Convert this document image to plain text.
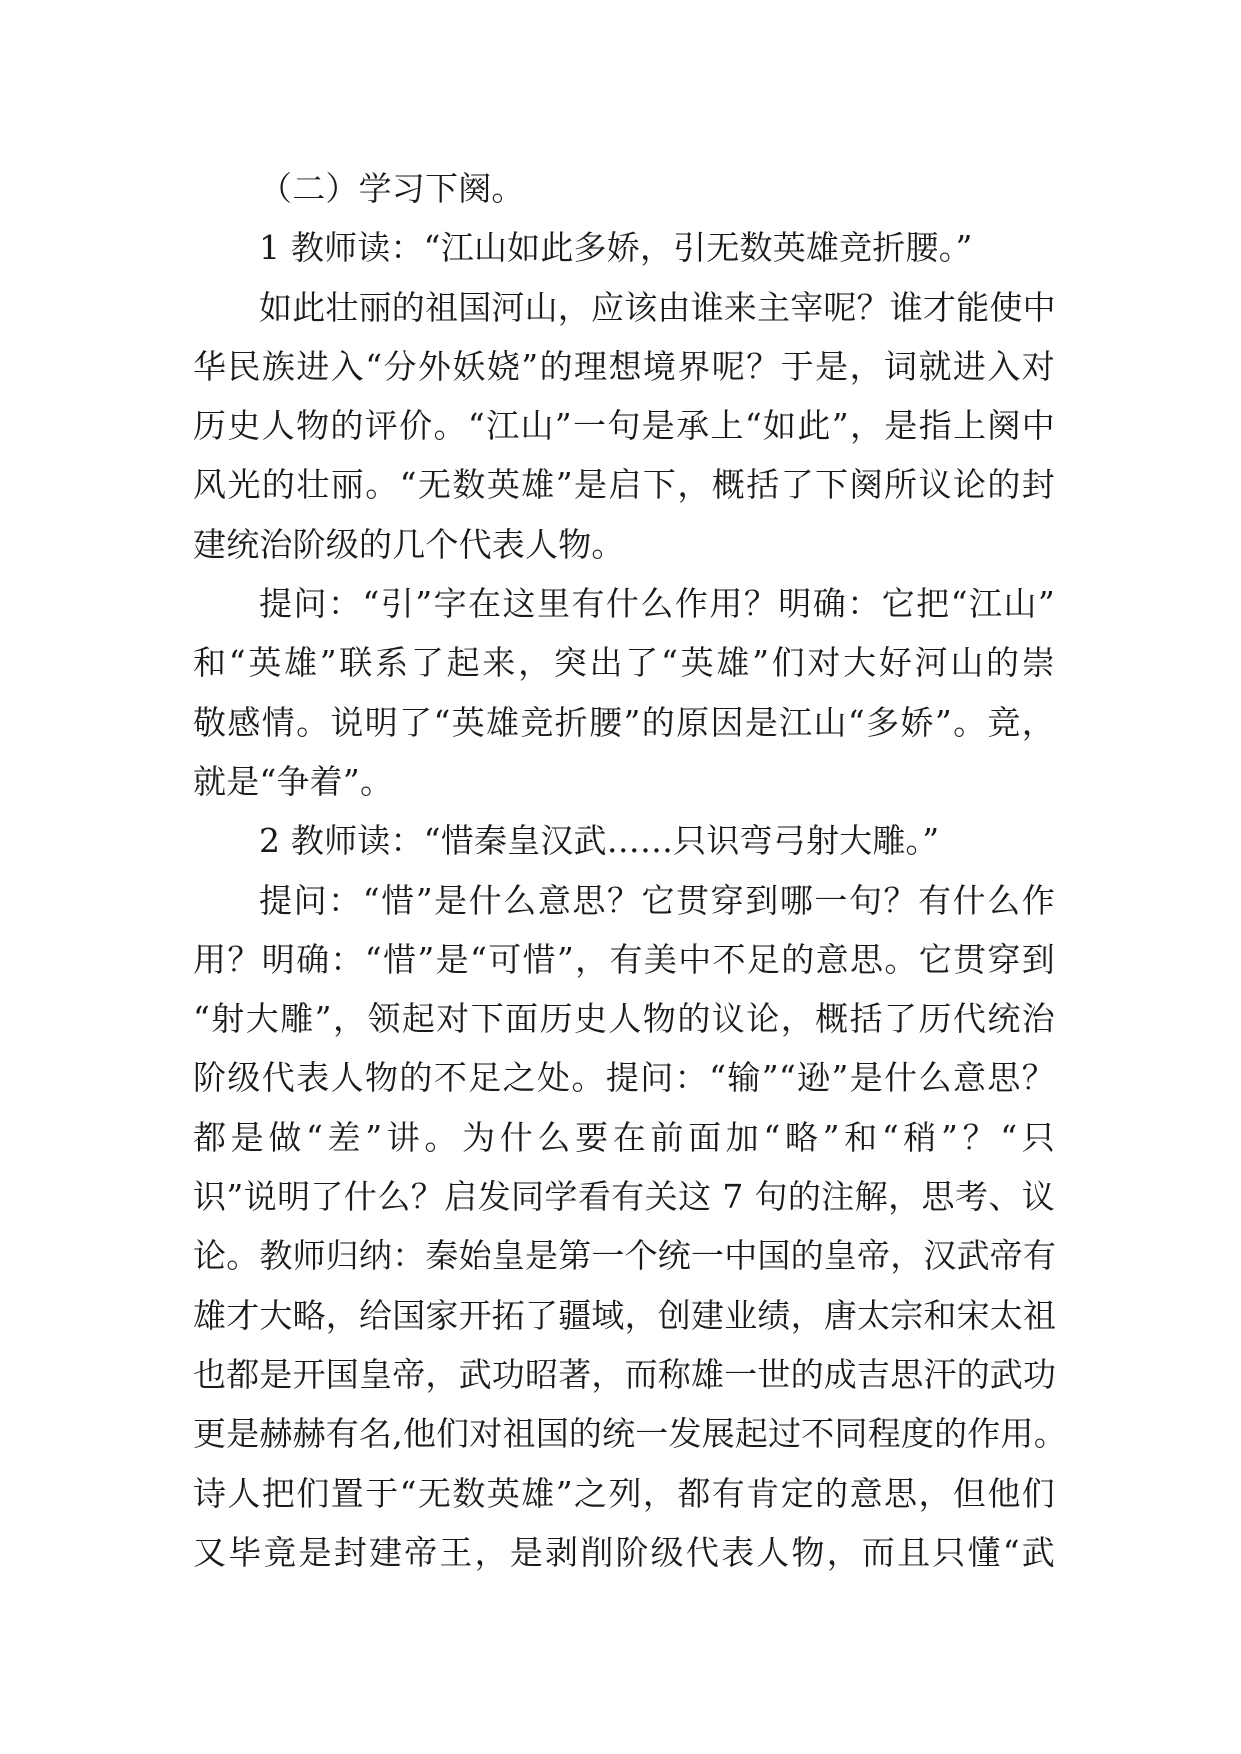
（二）学习下阕。
1 教师读：“江山如此多娇，引无数英雄竞折腰。”
如此壮丽的祖国河山，应该由谁来主宰呢？谁才能使中
华民族进入“分外妖娆”的理想境界呢？于是，词就进入对
历史人物的评价。“江山”一句是承上“如此”，是指上阕中
风光的壮丽。“无数英雄”是启下，概括了下阕所议论的封
建统治阶级的几个代表人物。
提问：“引”字在这里有什么作用？明确：它把“江山”
和“英雄”联系了起来，突出了“英雄”们对大好河山的崇
敬感情。说明了“英雄竞折腰”的原因是江山“多娇”。竞，
就是“争着”。
2 教师读：“惜秦皇汉武……只识弯弓射大雕。”
提问：“惜”是什么意思？它贯穿到哪一句？有什么作
用？明确：“惜”是“可惜”，有美中不足的意思。它贯穿到
“射大雕”，领起对下面历史人物的议论，概括了历代统治
阶级代表人物的不足之处。提问：“输”“逊”是什么意思？
都是做“差”讲。为什么要在前面加“略”和“稍”？“只
识”说明了什么？启发同学看有关这 7 句的注解，思考、议
论。教师归纳：秦始皇是第一个统一中国的皇帝，汉武帝有
雄才大略，给国家开拓了疆域，创建业绩，唐太宗和宋太祖
也都是开国皇帝，武功昭著，而称雄一世的成吉思汗的武功
更是赫赫有名,他们对祖国的统一发展起过不同程度的作用。
诗人把们置于“无数英雄”之列，都有肯定的意思，但他们
又毕竟是封建帝王，是剥削阶级代表人物，而且只懂“武
